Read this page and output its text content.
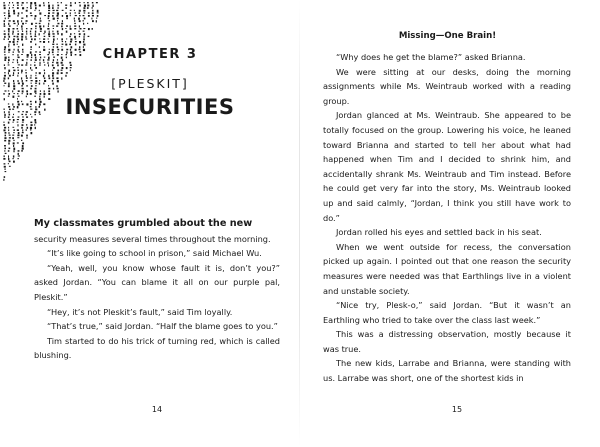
CHAPTER 3
[PLESKIT]
INSECURITIES

My classmates grumbled about the new

security measures several times throughout the morning.

“It’s like going to school in prison,” said Michael Wu.

“Yeah, well, you know whose fault it is, don’t you?” asked Jordan. “You can blame it all on our purple pal, Pleskit.”

“Hey, it’s not Pleskit’s fault,” said Tim loyally.

“That’s true,” said Jordan. “Half the blame goes to you.”

Tim started to do his trick of turning red, which is called blushing.

14
Missing—One Brain!

“Why does he get the blame?” asked Brianna.

We were sitting at our desks, doing the morning assignments while Ms. Weintraub worked with a reading group.

Jordan glanced at Ms. Weintraub. She appeared to be totally focused on the group. Lowering his voice, he leaned toward Brianna and started to tell her about what had happened when Tim and I decided to shrink him, and accidentally shrank Ms. Weintraub and Tim instead. Before he could get very far into the story, Ms. Weintraub looked up and said calmly, “Jordan, I think you still have work to do.”

Jordan rolled his eyes and settled back in his seat.

When we went outside for recess, the conversation picked up again. I pointed out that one reason the security measures were needed was that Earthlings live in a violent and unstable society.

“Nice try, Plesk-o,” said Jordan. “But it wasn’t an Earthling who tried to take over the class last week.”

This was a distressing observation, mostly because it was true.

The new kids, Larrabe and Brianna, were standing with us. Larrabe was short, one of the shortest kids in

15
